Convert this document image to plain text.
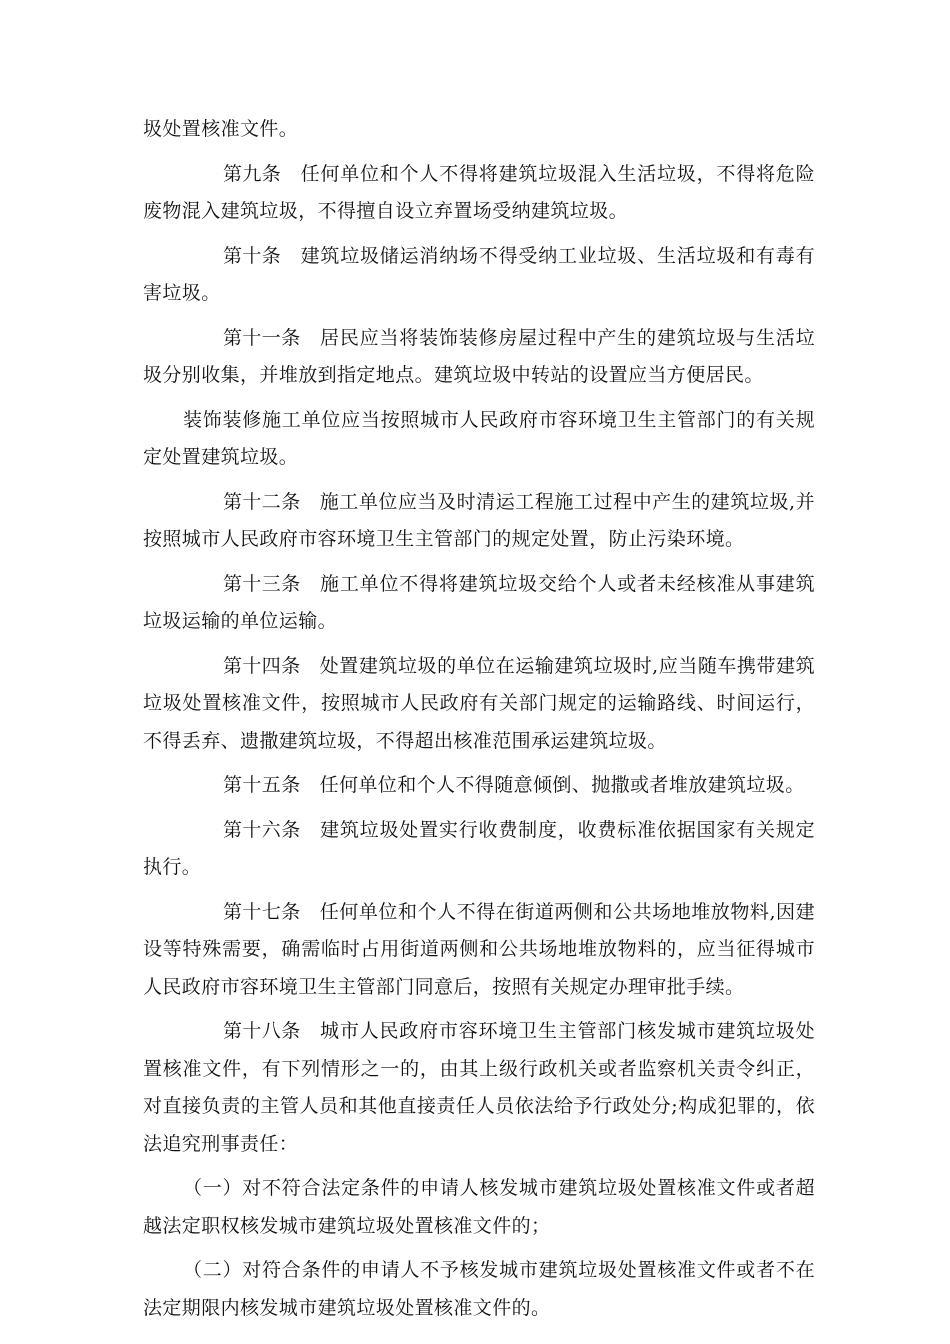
圾处置核准文件。

第九条 任何单位和个人不得将建筑垃圾混入生活垃圾，不得将危险废物混入建筑垃圾，不得擅自设立弃置场受纳建筑垃圾。

第十条 建筑垃圾储运消纳场不得受纳工业垃圾、生活垃圾和有毒有害垃圾。

第十一条 居民应当将装饰装修房屋过程中产生的建筑垃圾与生活垃圾分别收集，并堆放到指定地点。建筑垃圾中转站的设置应当方便居民。

装饰装修施工单位应当按照城市人民政府市容环境卫生主管部门的有关规定处置建筑垃圾。

第十二条 施工单位应当及时清运工程施工过程中产生的建筑垃圾,并按照城市人民政府市容环境卫生主管部门的规定处置，防止污染环境。

第十三条 施工单位不得将建筑垃圾交给个人或者未经核准从事建筑垃圾运输的单位运输。

第十四条 处置建筑垃圾的单位在运输建筑垃圾时,应当随车携带建筑垃圾处置核准文件，按照城市人民政府有关部门规定的运输路线、时间运行，不得丢弃、遗撒建筑垃圾，不得超出核准范围承运建筑垃圾。

第十五条 任何单位和个人不得随意倾倒、抛撒或者堆放建筑垃圾。

第十六条 建筑垃圾处置实行收费制度，收费标准依据国家有关规定执行。

第十七条 任何单位和个人不得在街道两侧和公共场地堆放物料,因建设等特殊需要，确需临时占用街道两侧和公共场地堆放物料的，应当征得城市人民政府市容环境卫生主管部门同意后，按照有关规定办理审批手续。

第十八条 城市人民政府市容环境卫生主管部门核发城市建筑垃圾处置核准文件，有下列情形之一的，由其上级行政机关或者监察机关责令纠正，对直接负责的主管人员和其他直接责任人员依法给予行政处分;构成犯罪的，依法追究刑事责任：

（一）对不符合法定条件的申请人核发城市建筑垃圾处置核准文件或者超越法定职权核发城市建筑垃圾处置核准文件的；

（二）对符合条件的申请人不予核发城市建筑垃圾处置核准文件或者不在法定期限内核发城市建筑垃圾处置核准文件的。
